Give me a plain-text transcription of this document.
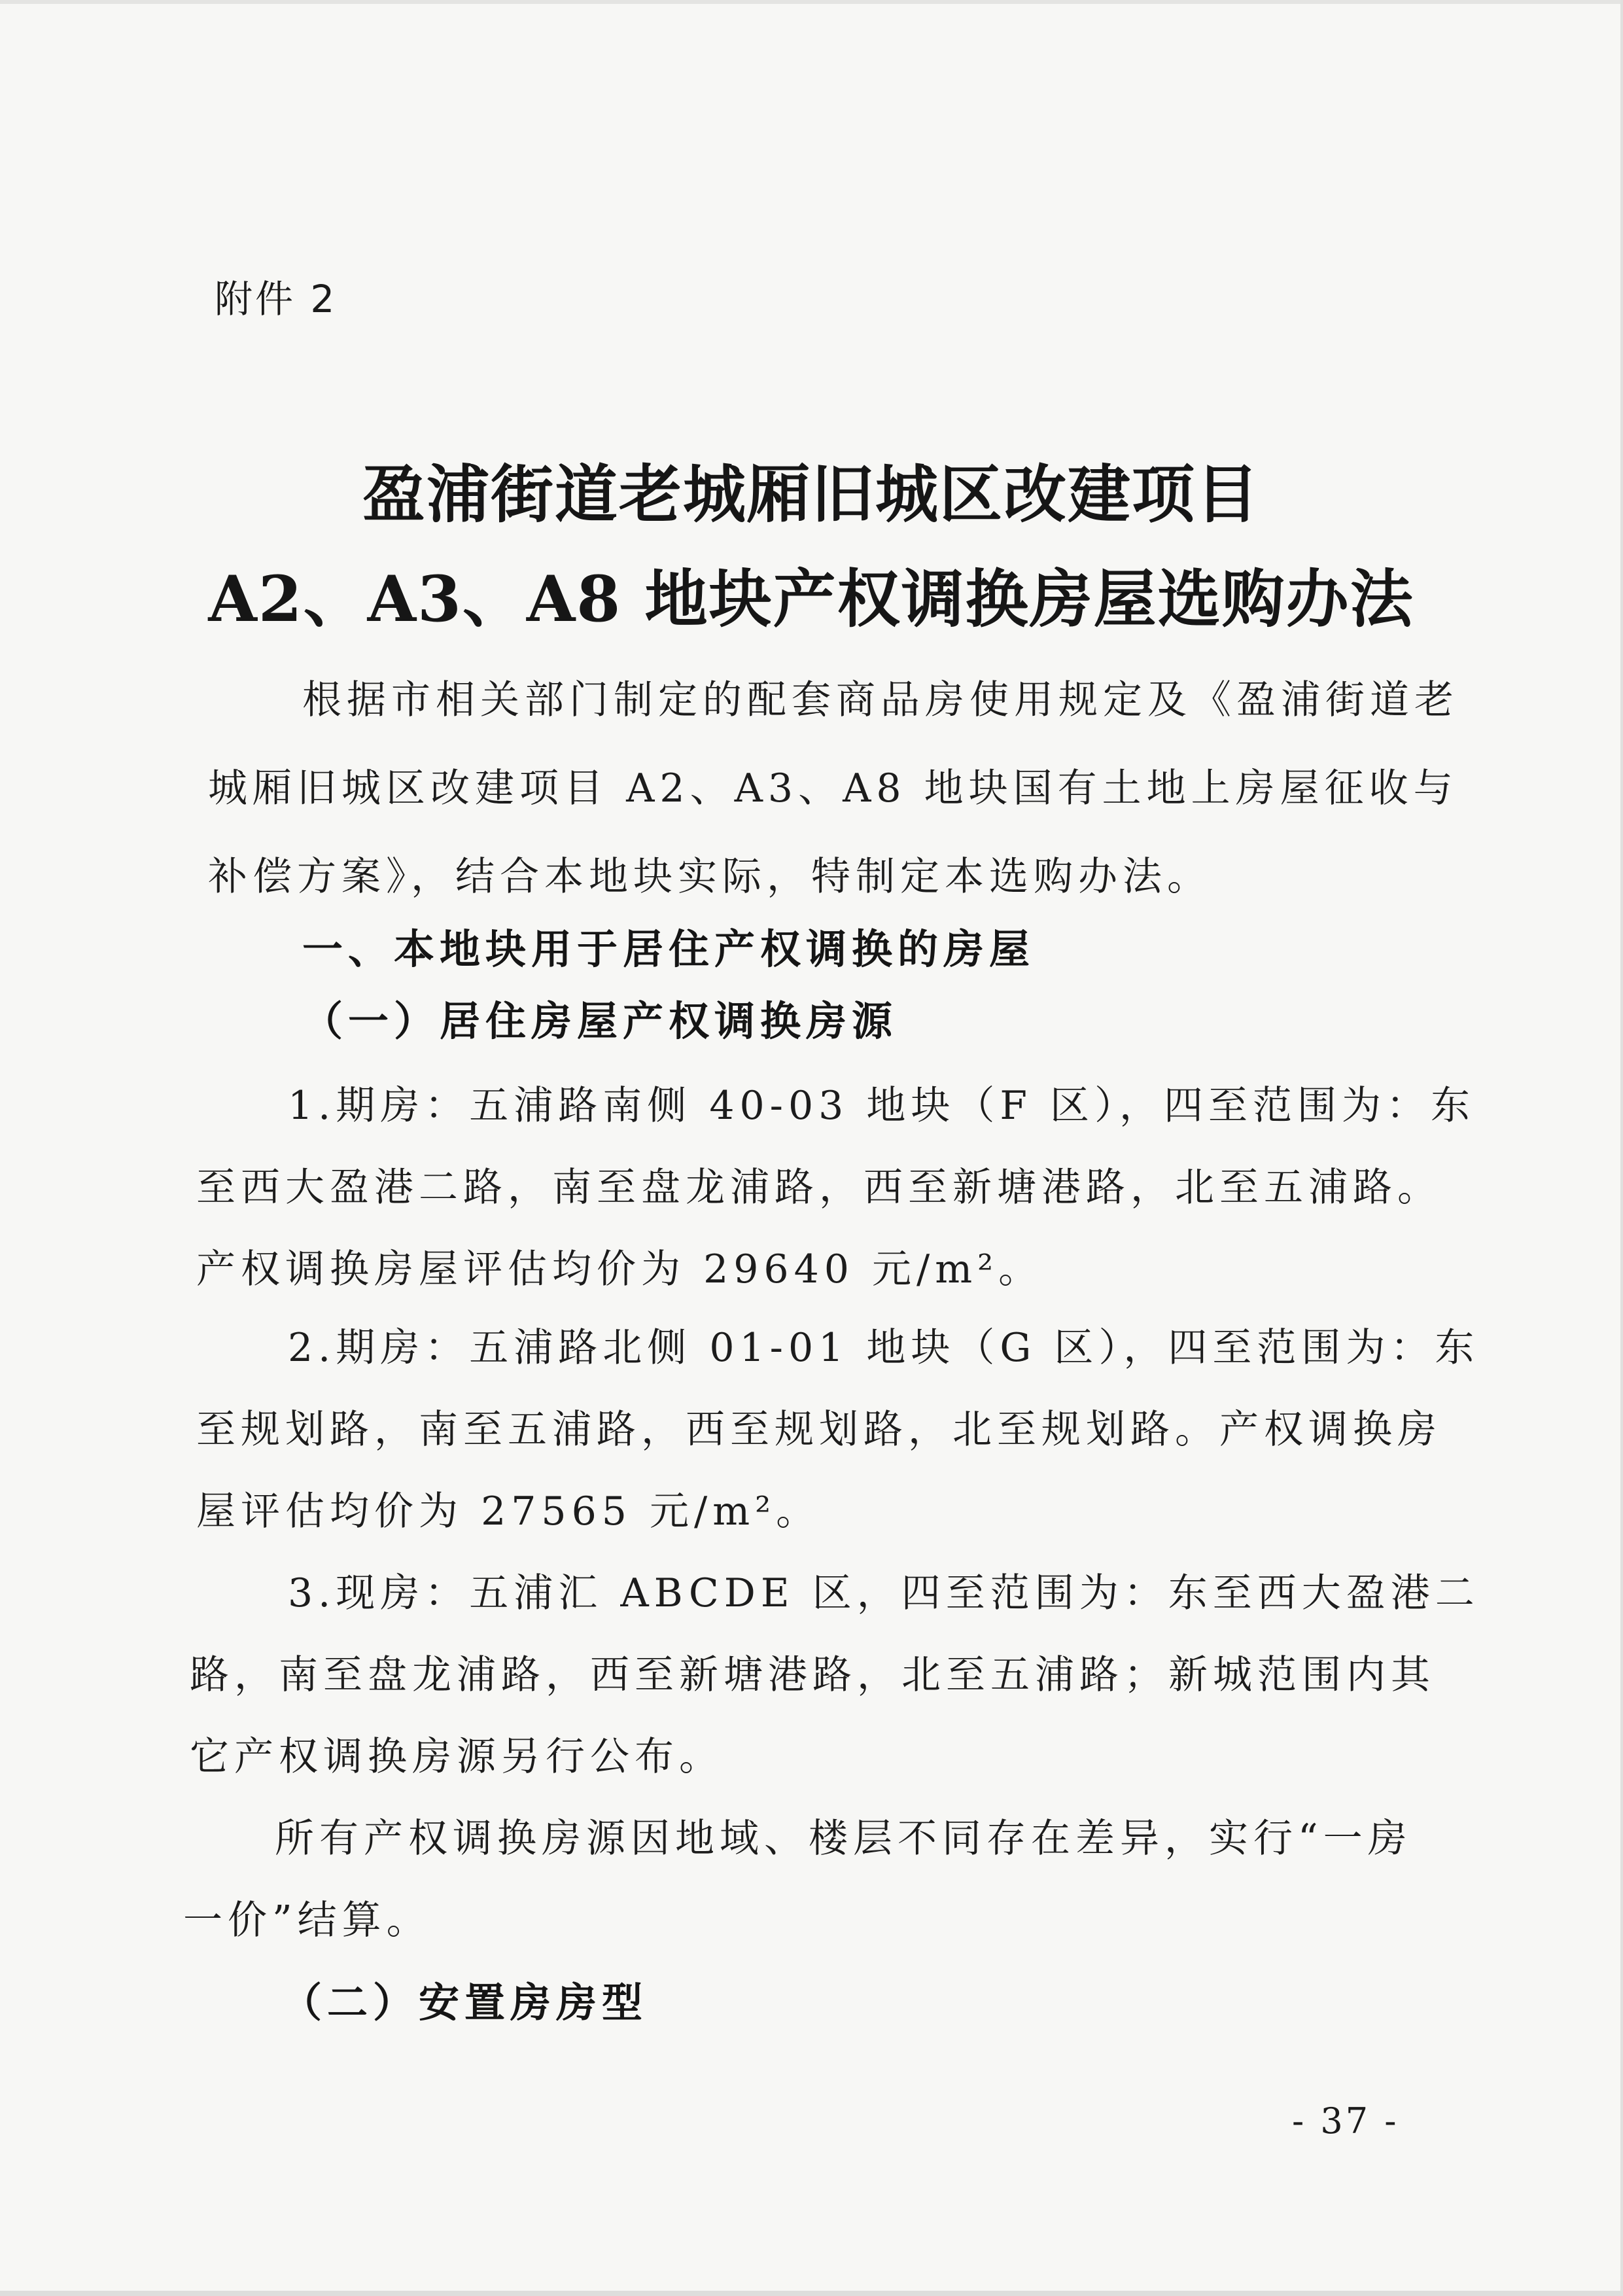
附件 2
盈浦街道老城厢旧城区改建项目
A2、A3、A8 地块产权调换房屋选购办法
根据市相关部门制定的配套商品房使用规定及《盈浦街道老
城厢旧城区改建项目 A2、A3、A8 地块国有土地上房屋征收与
补偿方案》，结合本地块实际，特制定本选购办法。
一、本地块用于居住产权调换的房屋
（一）居住房屋产权调换房源
1.期房：五浦路南侧 40-03 地块（F 区），四至范围为：东
至西大盈港二路，南至盘龙浦路，西至新塘港路，北至五浦路。
产权调换房屋评估均价为 29640 元/m²。
2.期房：五浦路北侧 01-01 地块（G 区），四至范围为：东
至规划路，南至五浦路，西至规划路，北至规划路。产权调换房
屋评估均价为 27565 元/m²。
3.现房：五浦汇 ABCDE 区，四至范围为：东至西大盈港二
路，南至盘龙浦路，西至新塘港路，北至五浦路；新城范围内其
它产权调换房源另行公布。
所有产权调换房源因地域、楼层不同存在差异，实行“一房
一价”结算。
（二）安置房房型
- 37 -
